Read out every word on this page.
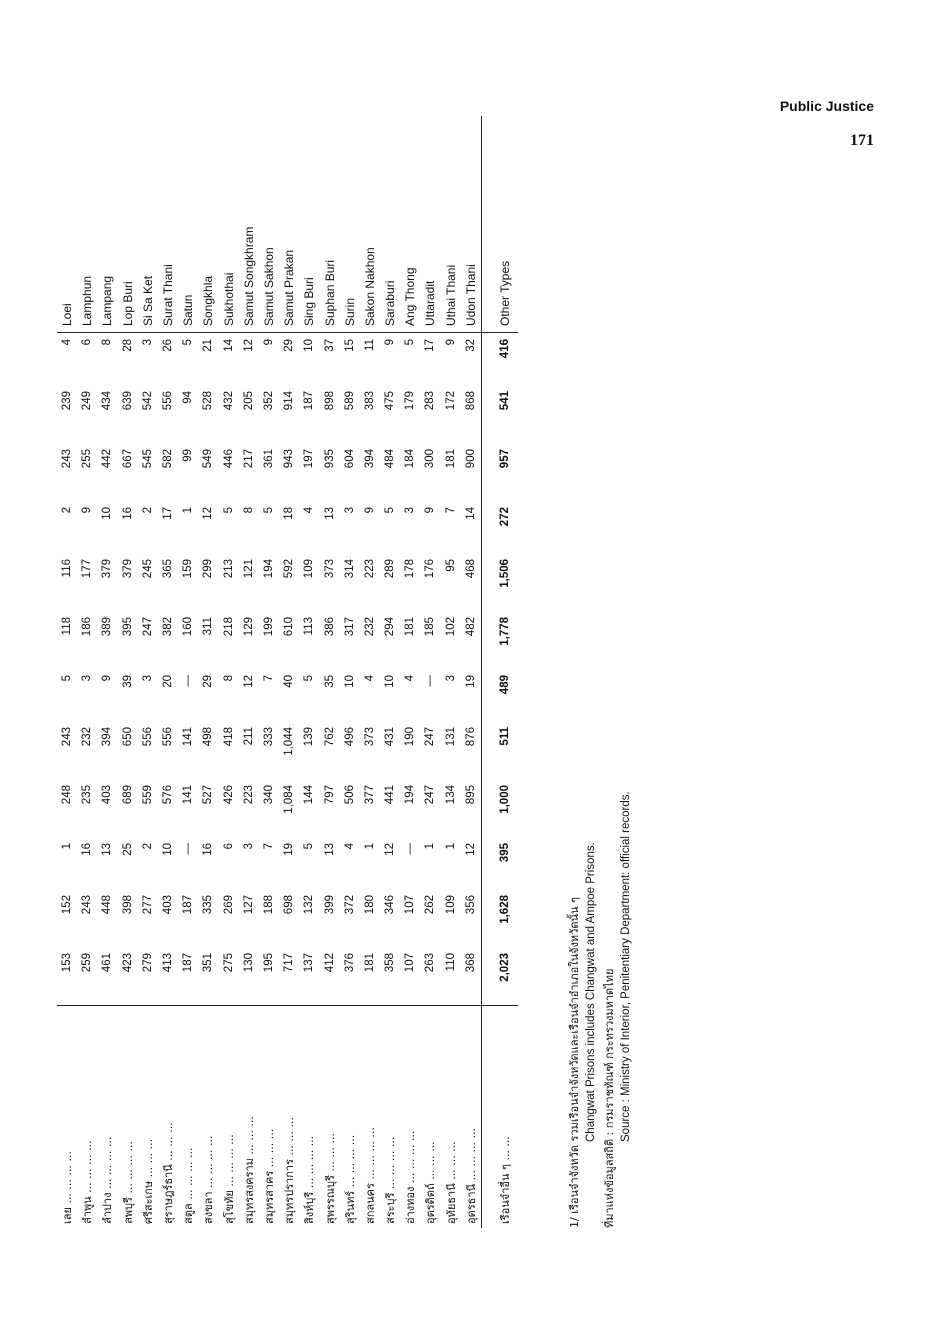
Public Justice
171
เลย ... ... ... ...	153	152	1	248	243	5	118	116	2	243	239	4	Loei
ลำพูน ... ... ... ...	259	243	16	235	232	3	186	177	9	255	249	6	Lamphun
ลำปาง ... ... ... ...	461	448	13	403	394	9	389	379	10	442	434	8	Lampang
ลพบุรี ... ... ... ...	423	398	25	689	650	39	395	379	16	667	639	28	Lop Buri
ศรีสะเกษ ... ... ...	279	277	2	559	556	3	247	245	2	545	542	3	Si Sa Ket
สุราษฎร์ธานี ... ... ...	413	403	10	576	556	20	382	365	17	582	556	26	Surat Thani
สตูล ... ... ... ...	187	187	—	141	141	—	160	159	1	99	94	5	Satun
สงขลา ... ... ... ...	351	335	16	527	498	29	311	299	12	549	528	21	Songkhla
สุโขทัย ... ... ... ...	275	269	6	426	418	8	218	213	5	446	432	14	Sukhothai
สมุทรสงคราม ... ... ...	130	127	3	223	211	12	129	121	8	217	205	12	Samut Songkhram
สมุทรสาคร ... ... ...	195	188	7	340	333	7	199	194	5	361	352	9	Samut Sakhon
สมุทรปราการ ... ... ...	717	698	19	1,084	1,044	40	610	592	18	943	914	29	Samut Prakan
สิงห์บุรี ... ... ... ...	137	132	5	144	139	5	113	109	4	197	187	10	Sing Buri
สุพรรณบุรี ... ... ...	412	399	13	797	762	35	386	373	13	935	898	37	Suphan Buri
สุรินทร์ ... ... ... ...	376	372	4	506	496	10	317	314	3	604	589	15	Surin
สกลนคร ... ... ... ...	181	180	1	377	373	4	232	223	9	394	383	11	Sakon Nakhon
สระบุรี ... ... ... ...	358	346	12	441	431	10	294	289	5	484	475	9	Saraburi
อ่างทอง ... ... ... ...	107	107	—	194	190	4	181	178	3	184	179	5	Ang Thong
อุตรดิตถ์ ... ... ...	263	262	1	247	247	—	185	176	9	300	283	17	Uttaradit
อุทัยธานี ... ... ...	110	109	1	134	131	3	102	95	7	181	172	9	Uthai Thani
อุดรธานี ... ... ... ...	368	356	12	895	876	19	482	468	14	900	868	32	Udon Thani
เรือนจำอื่น ๆ ... ...	2,023	1,628	395	1,000	511	489	1,778	1,506	272	957	541	416	Other Types
1/ เรือนจำจังหวัด รวมเรือนจำจังหวัดและเรือนจำอำเภอในจังหวัดนั้น ๆ Changwat Prisons includes Changwat and Ampoe Prisons. ที่มาแห่งข้อมูลสถิติ : กรมราชทัณฑ์ กระทรวงมหาดไทย Source : Ministry of Interior, Penitentiary Department: official records.
